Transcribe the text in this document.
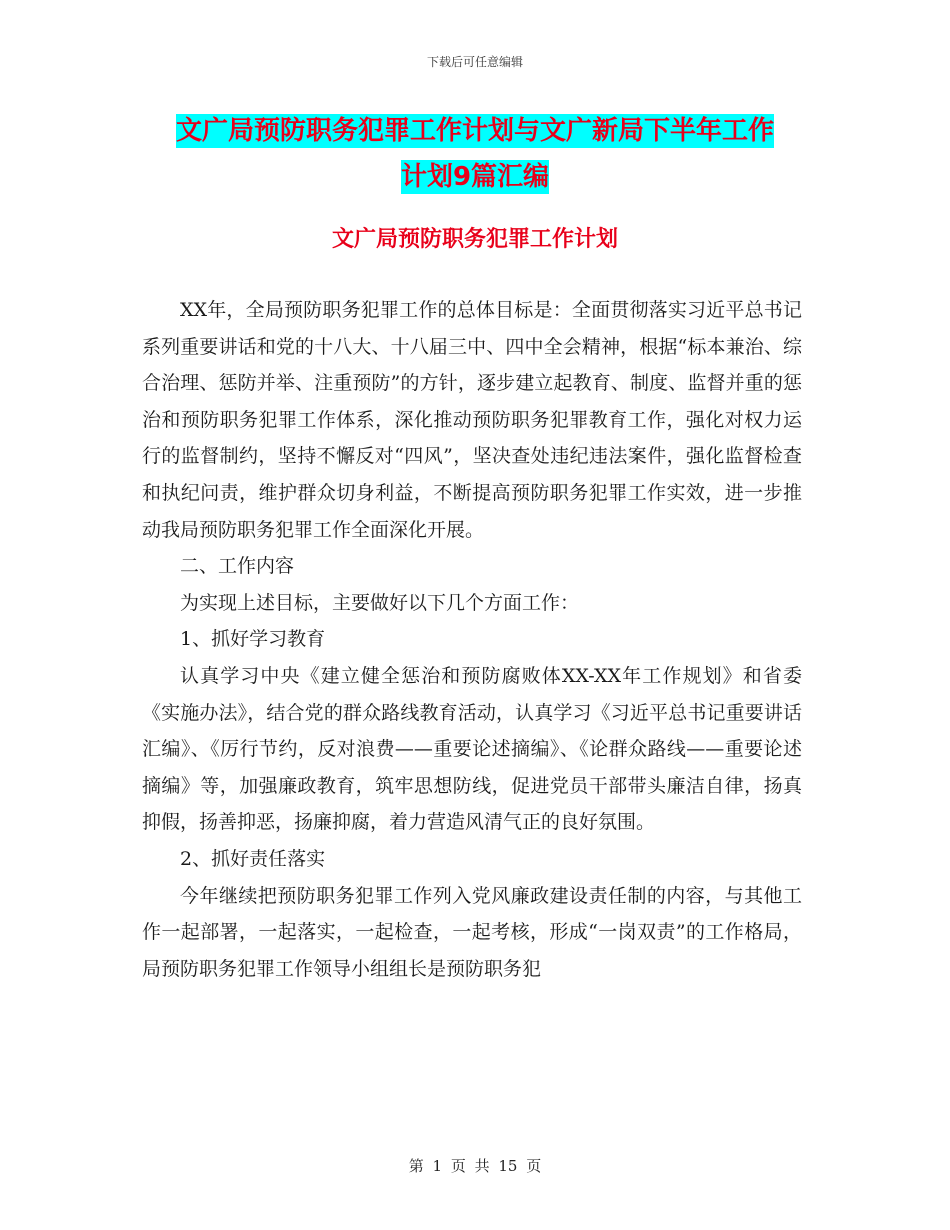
下载后可任意编辑
文广局预防职务犯罪工作计划与文广新局下半年工作
计划9篇汇编
文广局预防职务犯罪工作计划

XX年，全局预防职务犯罪工作的总体目标是：全面贯彻落实习近平总书记系列重要讲话和党的十八大、十八届三中、四中全会精神，根据“标本兼治、综合治理、惩防并举、注重预防”的方针，逐步建立起教育、制度、监督并重的惩治和预防职务犯罪工作体系，深化推动预防职务犯罪教育工作，强化对权力运行的监督制约，坚持不懈反对“四风”，坚决查处违纪违法案件，强化监督检查和执纪问责，维护群众切身利益，不断提高预防职务犯罪工作实效，进一步推动我局预防职务犯罪工作全面深化开展。

二、工作内容

为实现上述目标，主要做好以下几个方面工作：

1、抓好学习教育

认真学习中央《建立健全惩治和预防腐败体XX-XX年工作规划》和省委《实施办法》，结合党的群众路线教育活动，认真学习《习近平总书记重要讲话汇编》、《厉行节约，反对浪费——重要论述摘编》、《论群众路线——重要论述摘编》等，加强廉政教育，筑牢思想防线，促进党员干部带头廉洁自律，扬真抑假，扬善抑恶，扬廉抑腐，着力营造风清气正的良好氛围。

2、抓好责任落实

今年继续把预防职务犯罪工作列入党风廉政建设责任制的内容，与其他工作一起部署，一起落实，一起检查，一起考核，形成“一岗双责”的工作格局，局预防职务犯罪工作领导小组组长是预防职务犯

第 1 页 共 15 页
